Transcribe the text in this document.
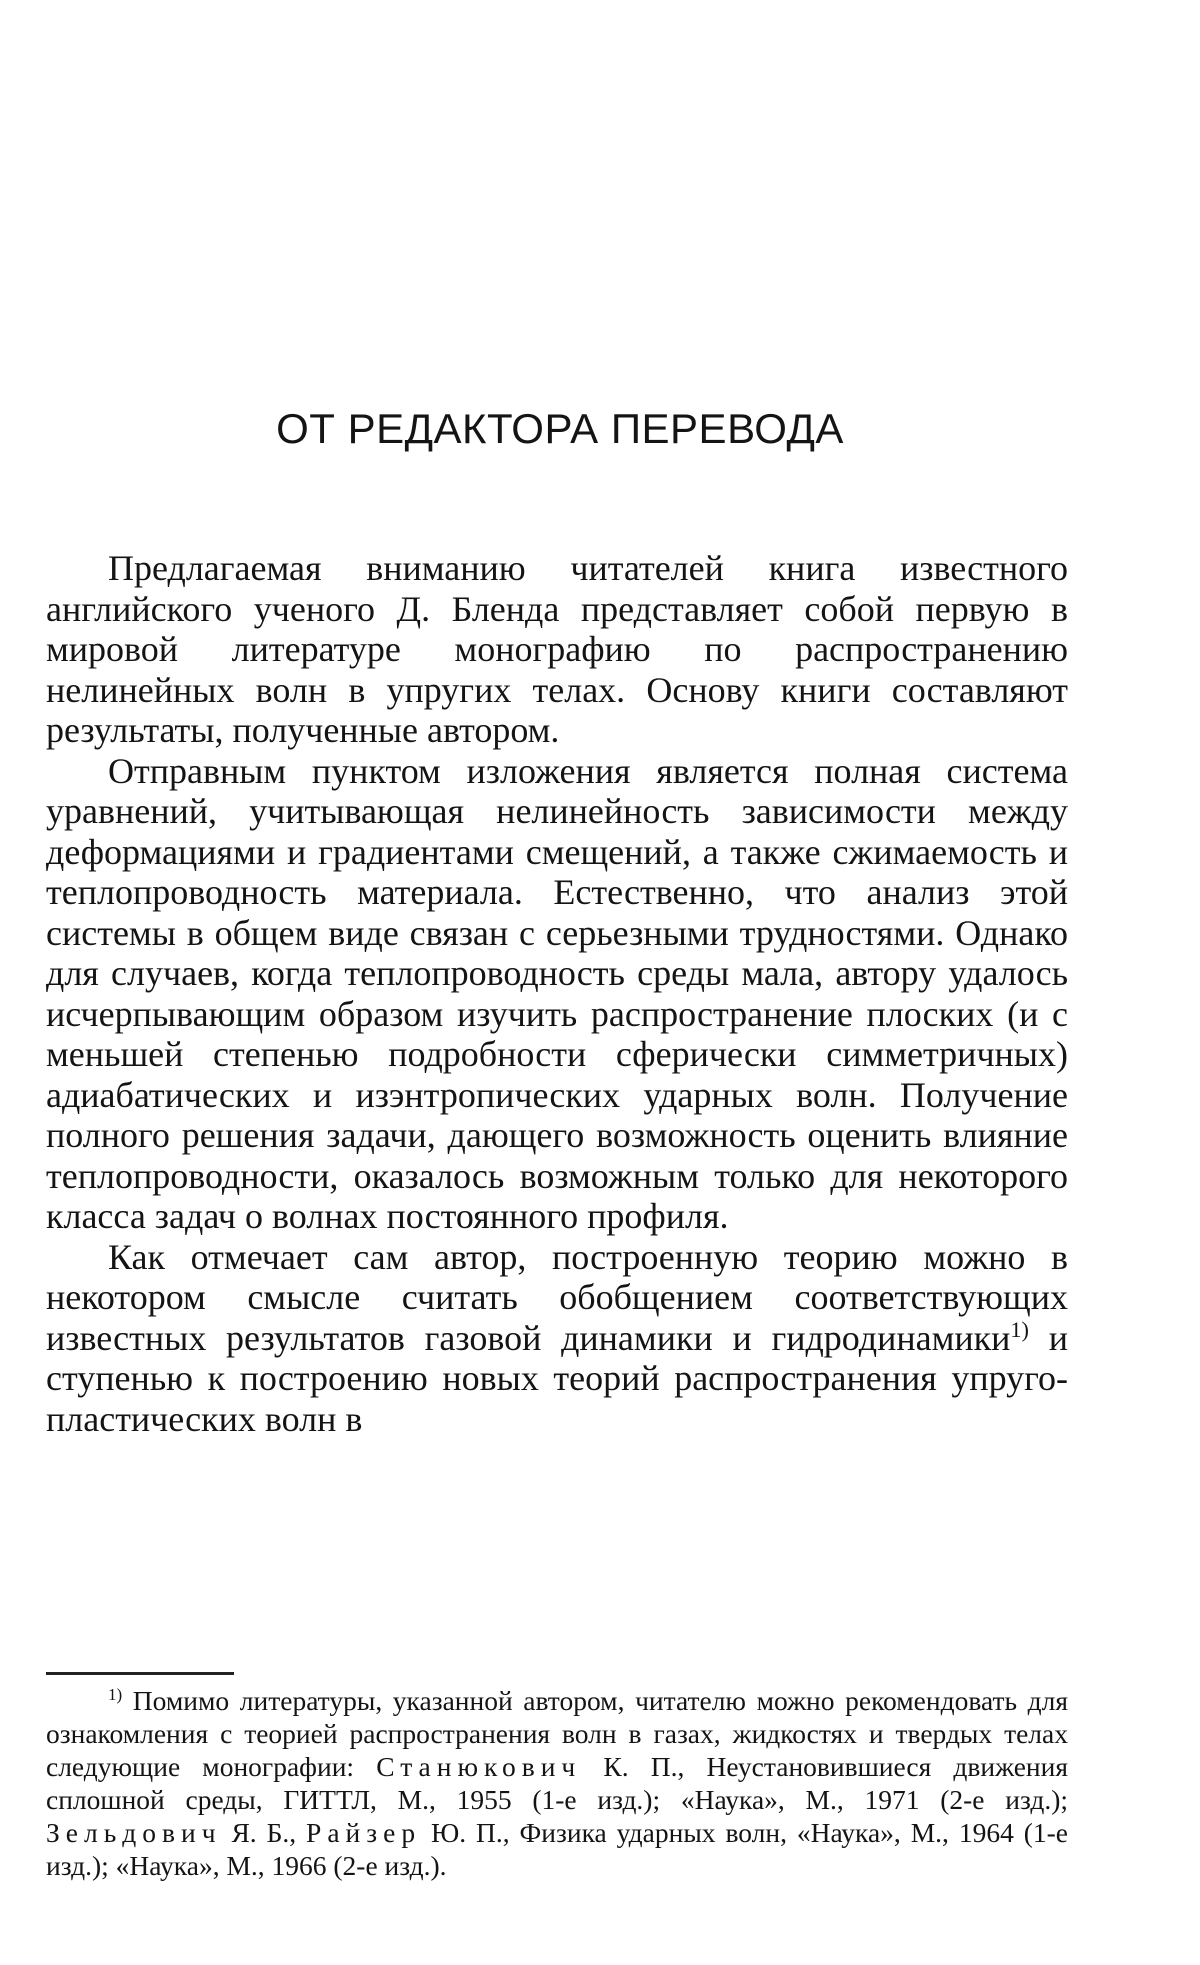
ОТ РЕДАКТОРА ПЕРЕВОДА

Предлагаемая вниманию читателей книга известного английского ученого Д. Бленда представляет собой первую в мировой литературе монографию по распространению нелинейных волн в упругих телах. Основу книги составляют результаты, полученные автором.

Отправным пунктом изложения является полная система уравнений, учитывающая нелинейность зависимости между деформациями и градиентами смещений, а также сжимаемость и теплопроводность материала. Естественно, что анализ этой системы в общем виде связан с серьезными трудностями. Однако для случаев, когда теплопроводность среды мала, автору удалось исчерпывающим образом изучить распространение плоских (и с меньшей степенью подробности сферически симметричных) адиабатических и изэнтропических ударных волн. Получение полного решения задачи, дающего возможность оценить влияние теплопроводности, оказалось возможным только для некоторого класса задач о волнах постоянного профиля.

Как отмечает сам автор, построенную теорию можно в некотором смысле считать обобщением соответствующих известных результатов газовой динамики и гидродинамики$^{1)}$ и ступенью к построению новых теорий распространения упруго-пластических волн в

$^{1)}$ Помимо литературы, указанной автором, читателю можно рекомендовать для ознакомления с теорией распространения волн в газах, жидкостях и твердых телах следующие монографии: Станюкович К. П., Неустановившиеся движения сплошной среды, ГИТТЛ, М., 1955 (1-е изд.); «Наука», М., 1971 (2-е изд.); Зельдович Я. Б., Райзер Ю. П., Физика ударных волн, «Наука», М., 1964 (1-е изд.); «Наука», М., 1966 (2-е изд.).
